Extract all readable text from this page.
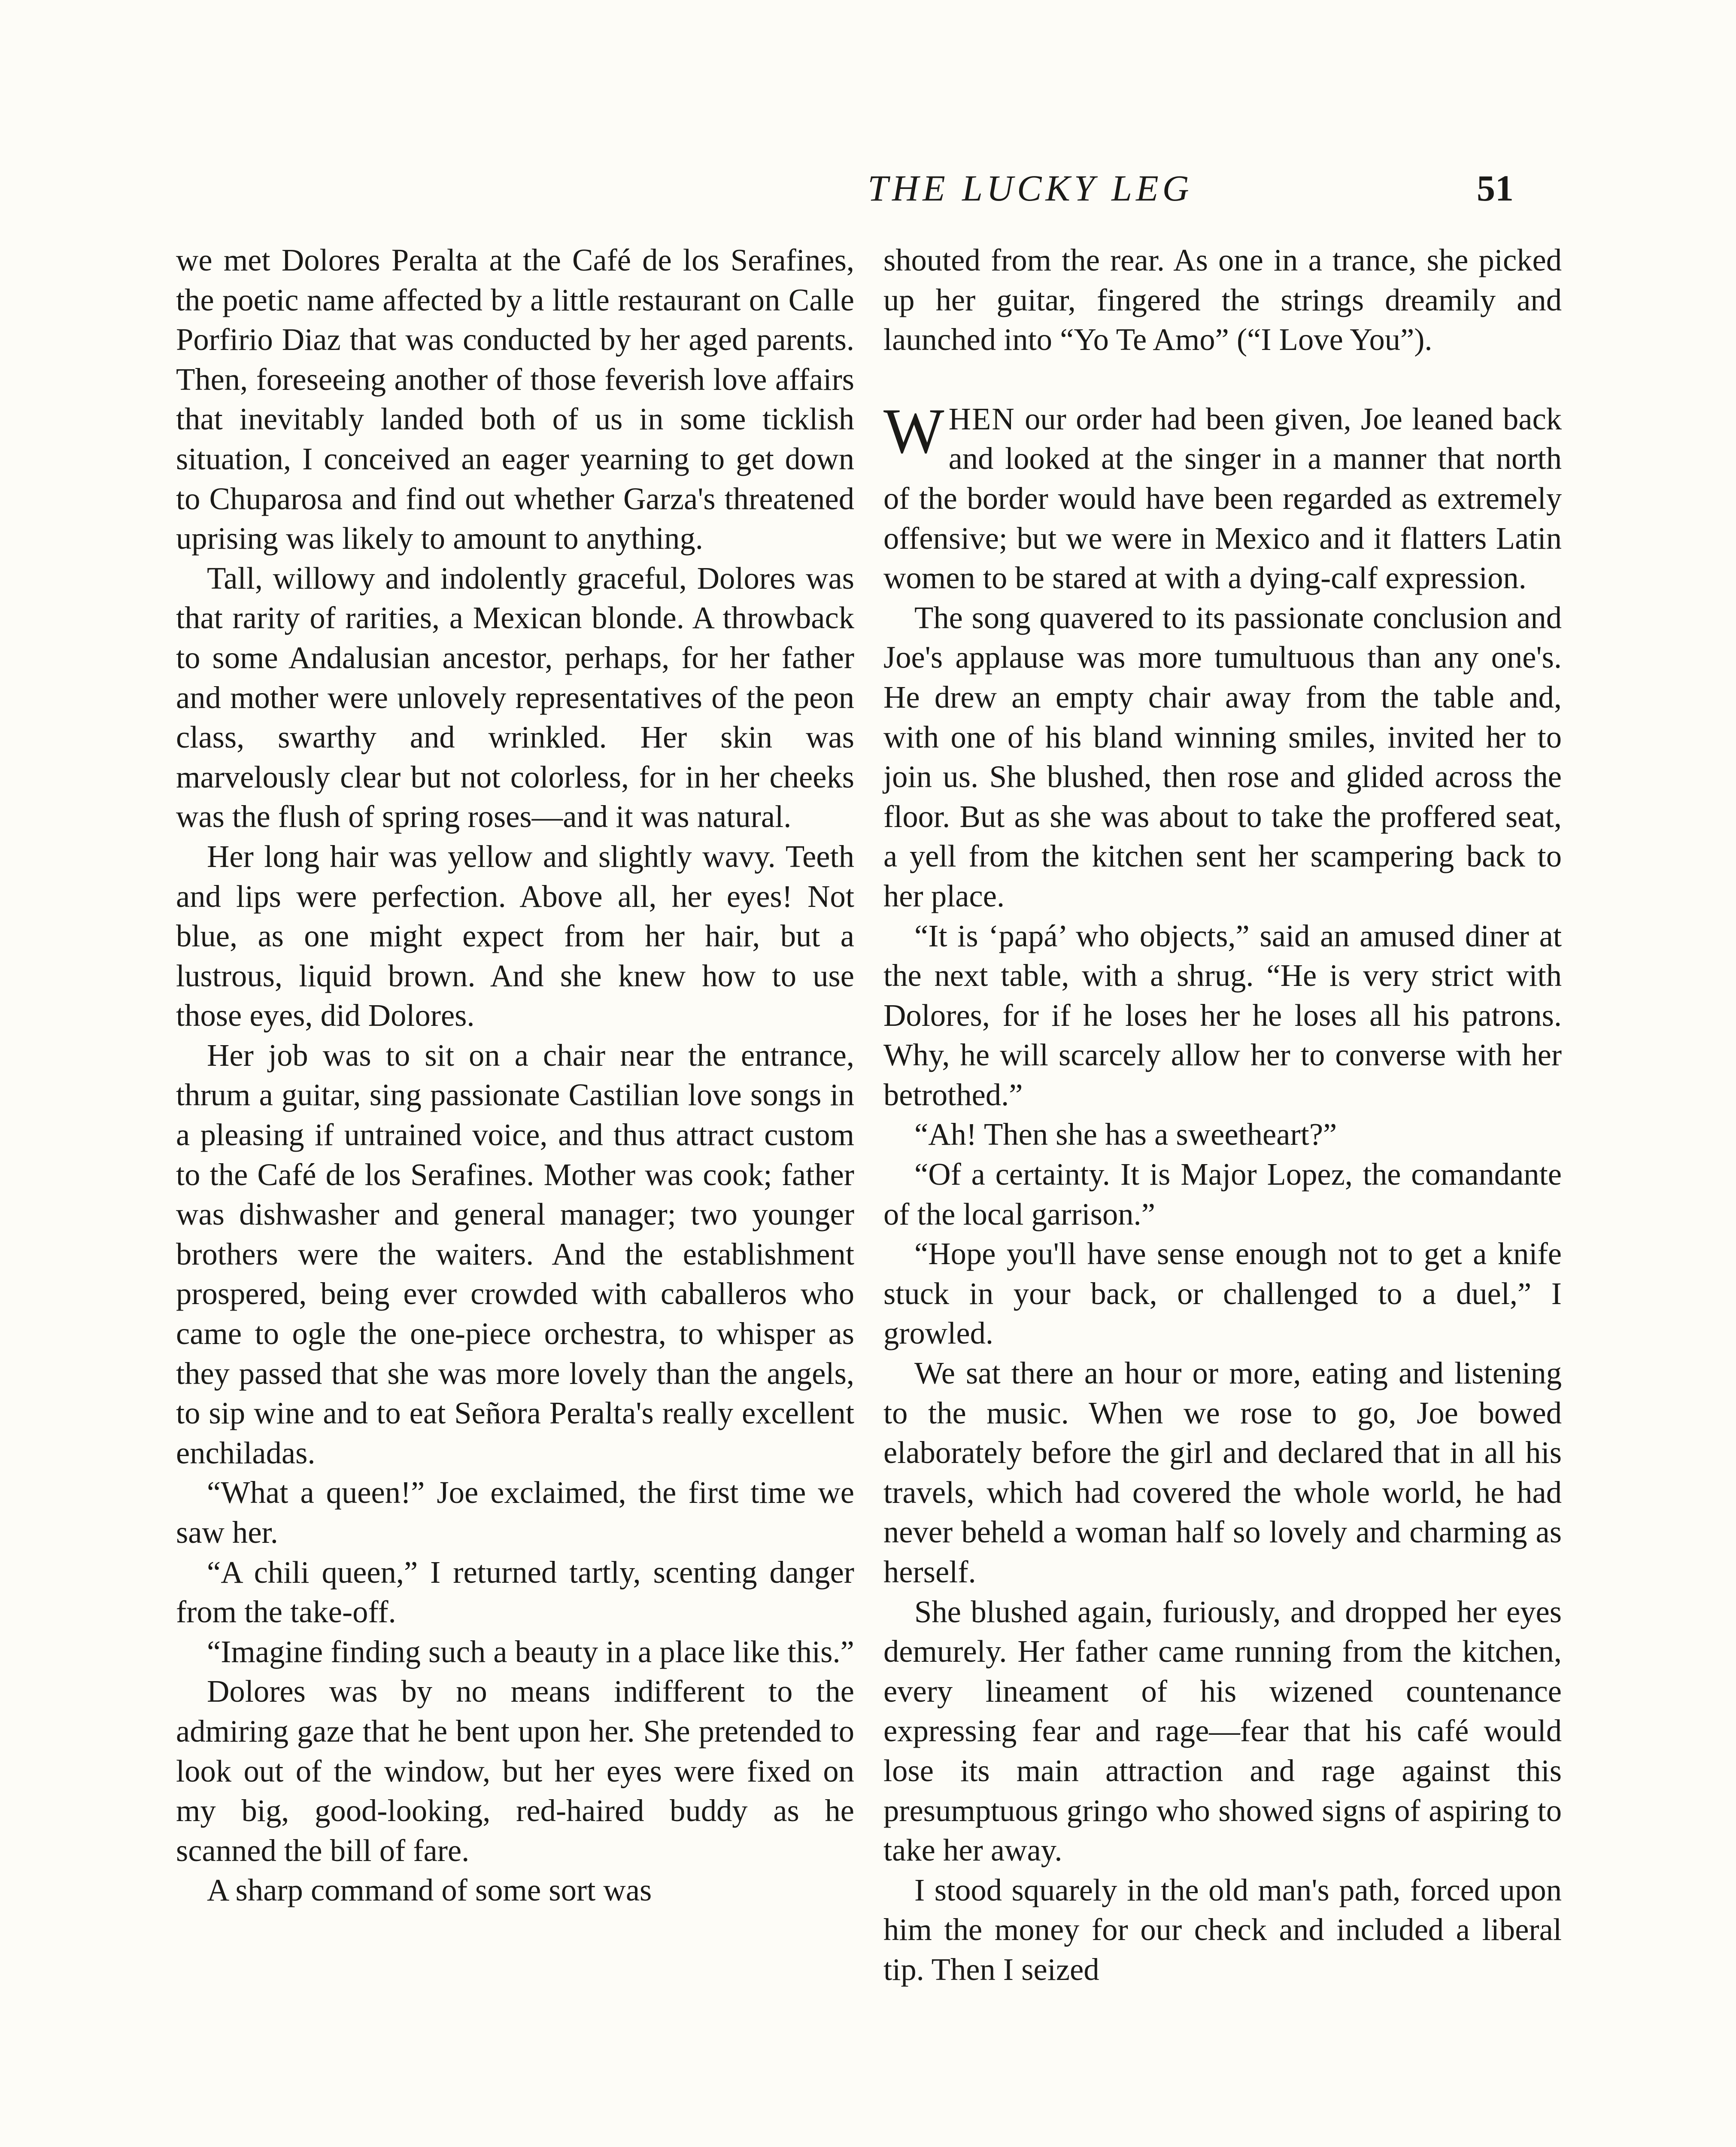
THE LUCKY LEG	51

we met Dolores Peralta at the Café de los Serafines, the poetic name affected by a little restaurant on Calle Porfirio Diaz that was conducted by her aged parents. Then, foreseeing another of those feverish love affairs that inevitably landed both of us in some ticklish situation, I conceived an eager yearning to get down to Chuparosa and find out whether Garza's threatened uprising was likely to amount to anything.

Tall, willowy and indolently graceful, Dolores was that rarity of rarities, a Mexican blonde. A throwback to some Andalusian ancestor, perhaps, for her father and mother were unlovely representatives of the peon class, swarthy and wrinkled. Her skin was marvelously clear but not colorless, for in her cheeks was the flush of spring roses—and it was natural.

Her long hair was yellow and slightly wavy. Teeth and lips were perfection. Above all, her eyes! Not blue, as one might expect from her hair, but a lustrous, liquid brown. And she knew how to use those eyes, did Dolores.

Her job was to sit on a chair near the entrance, thrum a guitar, sing passionate Castilian love songs in a pleasing if untrained voice, and thus attract custom to the Café de los Serafines. Mother was cook; father was dishwasher and general manager; two younger brothers were the waiters. And the establishment prospered, being ever crowded with caballeros who came to ogle the one-piece orchestra, to whisper as they passed that she was more lovely than the angels, to sip wine and to eat Señora Peralta's really excellent enchiladas.

“What a queen!” Joe exclaimed, the first time we saw her.

“A chili queen,” I returned tartly, scenting danger from the take-off.

“Imagine finding such a beauty in a place like this.”

Dolores was by no means indifferent to the admiring gaze that he bent upon her. She pretended to look out of the window, but her eyes were fixed on my big, good-looking, red-haired buddy as he scanned the bill of fare.

A sharp command of some sort was

shouted from the rear. As one in a trance, she picked up her guitar, fingered the strings dreamily and launched into “Yo Te Amo” (“I Love You”).

WHEN our order had been given, Joe leaned back and looked at the singer in a manner that north of the border would have been regarded as extremely offensive; but we were in Mexico and it flatters Latin women to be stared at with a dying-calf expression.

The song quavered to its passionate conclusion and Joe's applause was more tumultuous than any one's. He drew an empty chair away from the table and, with one of his bland winning smiles, invited her to join us. She blushed, then rose and glided across the floor. But as she was about to take the proffered seat, a yell from the kitchen sent her scampering back to her place.

“It is ‘papá’ who objects,” said an amused diner at the next table, with a shrug. “He is very strict with Dolores, for if he loses her he loses all his patrons. Why, he will scarcely allow her to converse with her betrothed.”

“Ah! Then she has a sweetheart?”

“Of a certainty. It is Major Lopez, the comandante of the local garrison.”

“Hope you'll have sense enough not to get a knife stuck in your back, or challenged to a duel,” I growled.

We sat there an hour or more, eating and listening to the music. When we rose to go, Joe bowed elaborately before the girl and declared that in all his travels, which had covered the whole world, he had never beheld a woman half so lovely and charming as herself.

She blushed again, furiously, and dropped her eyes demurely. Her father came running from the kitchen, every lineament of his wizened countenance expressing fear and rage—fear that his café would lose its main attraction and rage against this presumptuous gringo who showed signs of aspiring to take her away.

I stood squarely in the old man's path, forced upon him the money for our check and included a liberal tip. Then I seized
